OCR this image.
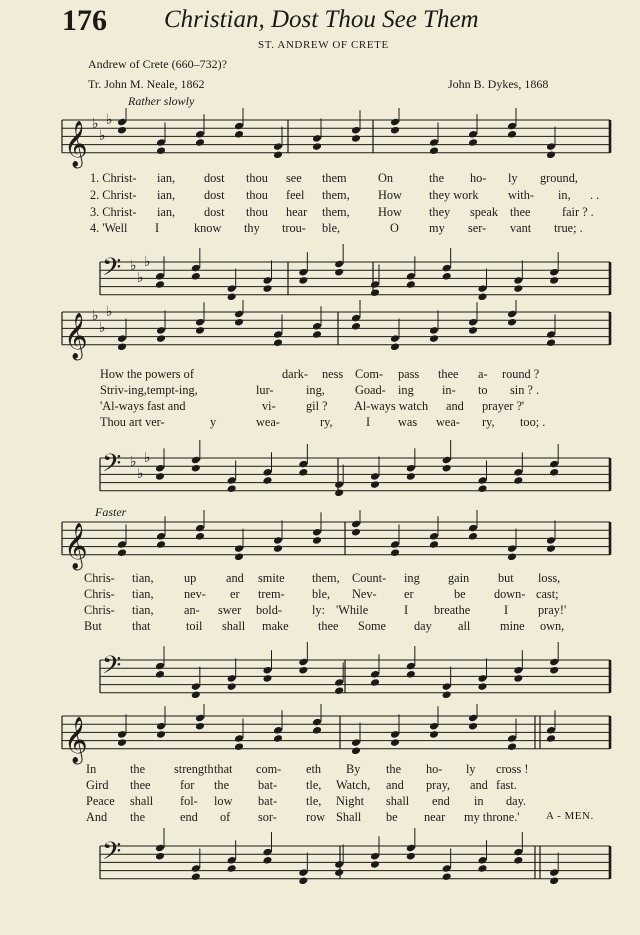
176 Christian, Dost Thou See Them
ST. ANDREW OF CRETE
Andrew of Crete (660–732)?
Tr. John M. Neale, 1862	John B. Dykes, 1868
Rather slowly
Faster
𝄞 ♭
♭
♭
1. Christ- ian, dost thou see them	On	the ho- ly ground,
2. Christ- ian, dost thou feel them, How they work with- in, . .
3. Christ- ian, dost thou hear them, How they speak thee	fair ? .
4. 'Well I	know thy trou- ble,	O my ser- vant true; .
𝄢 ♭
♭
♭
𝄞 ♭
♭
♭
How the powers of	dark- ness Com- pass thee a- round ?
Striv-ing,tempt-ing,	lur-	ing, Goad- ing in- to sin ? .
'Al-ways fast and	vi- gil ? Al-ways watch and prayer ?'
Thou art ver-	y	wea-	ry,	I was wea- ry, too; .
𝄢 ♭
♭
♭
𝄞
Chris- tian, up and smite them, Count- ing gain but loss,
Chris- tian, nev- er trem- ble, Nev- er	be down- cast;
Chris- tian, an- swer bold- ly: 'While	I breathe	I pray!'
But that	toil shall make thee Some day all mine own,
𝄢
𝄞
In	the strength that com- eth By the ho- ly cross !
Gird thee for the bat- tle, Watch, and pray, and fast.
Peace shall fol- low bat- tle, Night shall end in day.
And the	end of sor- row Shall be near my throne.' A - MEN.
𝄢
